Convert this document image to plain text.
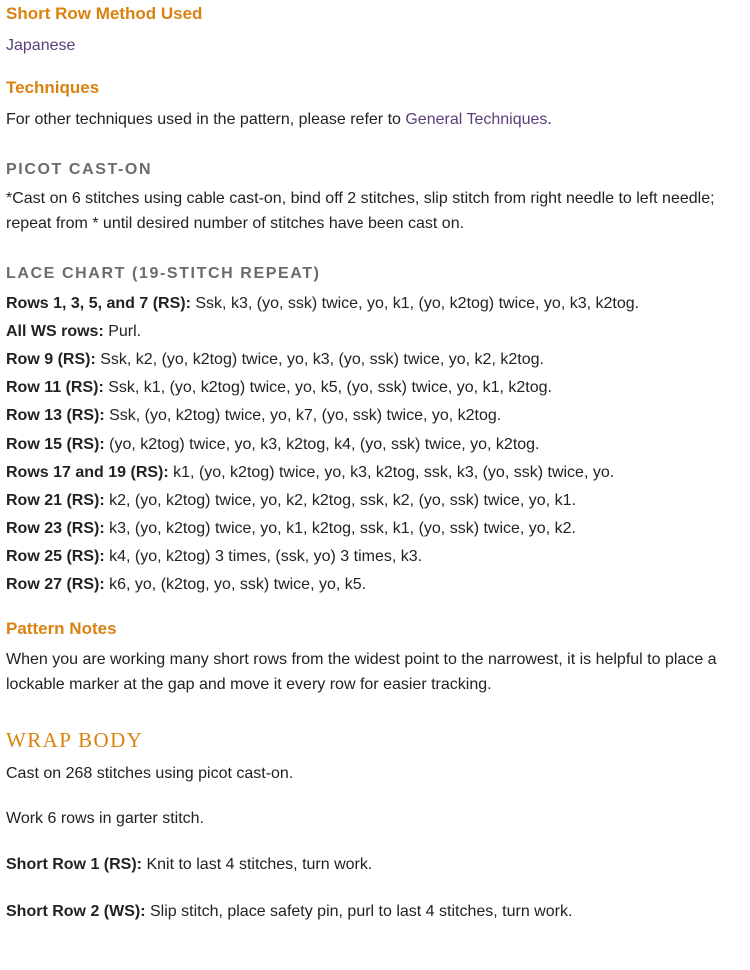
Short Row Method Used
Japanese
Techniques
For other techniques used in the pattern, please refer to General Techniques.
PICOT CAST-ON

*Cast on 6 stitches using cable cast-on, bind off 2 stitches, slip stitch from right needle to left needle; repeat from * until desired number of stitches have been cast on.

LACE CHART (19-STITCH REPEAT)
Rows 1, 3, 5, and 7 (RS): Ssk, k3, (yo, ssk) twice, yo, k1, (yo, k2tog) twice, yo, k3, k2tog.
All WS rows: Purl.
Row 9 (RS): Ssk, k2, (yo, k2tog) twice, yo, k3, (yo, ssk) twice, yo, k2, k2tog.
Row 11 (RS): Ssk, k1, (yo, k2tog) twice, yo, k5, (yo, ssk) twice, yo, k1, k2tog.
Row 13 (RS): Ssk, (yo, k2tog) twice, yo, k7, (yo, ssk) twice, yo, k2tog.
Row 15 (RS): (yo, k2tog) twice, yo, k3, k2tog, k4, (yo, ssk) twice, yo, k2tog.
Rows 17 and 19 (RS): k1, (yo, k2tog) twice, yo, k3, k2tog, ssk, k3, (yo, ssk) twice, yo.
Row 21 (RS): k2, (yo, k2tog) twice, yo, k2, k2tog, ssk, k2, (yo, ssk) twice, yo, k1.
Row 23 (RS): k3, (yo, k2tog) twice, yo, k1, k2tog, ssk, k1, (yo, ssk) twice, yo, k2.
Row 25 (RS): k4, (yo, k2tog) 3 times, (ssk, yo) 3 times, k3.
Row 27 (RS): k6, yo, (k2tog, yo, ssk) twice, yo, k5.
Pattern Notes

When you are working many short rows from the widest point to the narrowest, it is helpful to place a lockable marker at the gap and move it every row for easier tracking.

WRAP BODY
Cast on 268 stitches using picot cast-on.
Work 6 rows in garter stitch.
Short Row 1 (RS): Knit to last 4 stitches, turn work.
Short Row 2 (WS): Slip stitch, place safety pin, purl to last 4 stitches, turn work.
